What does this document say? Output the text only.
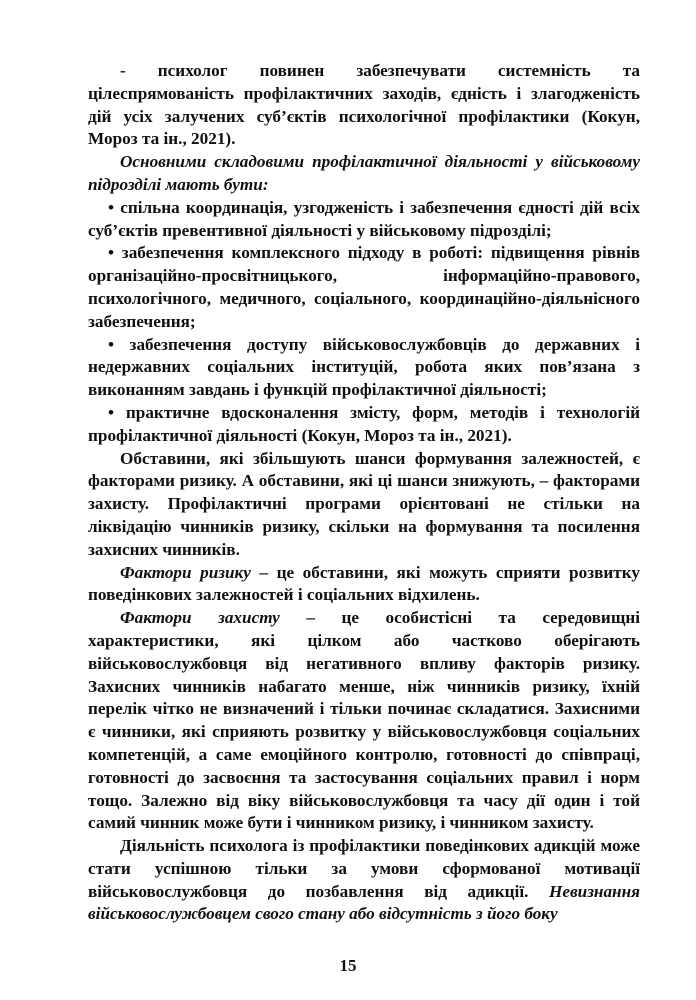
- психолог повинен забезпечувати системність та цілеспрямованість профілактичних заходів, єдність і злагодженість дій усіх залучених суб’єктів психологічної профілактики (Кокун, Мороз та ін., 2021).

Основними складовими профілактичної діяльності у військовому підрозділі мають бути:

• спільна координація, узгодженість і забезпечення єдності дій всіх суб’єктів превентивної діяльності у військовому підрозділі;

• забезпечення комплексного підходу в роботі: підвищення рівнів організаційно-просвітницького, інформаційно-правового, психологічного, медичного, соціального, координаційно-діяльнісного забезпечення;

• забезпечення доступу військовослужбовців до державних і недержавних соціальних інституцій, робота яких пов’язана з виконанням завдань і функцій профілактичної діяльності;

• практичне вдосконалення змісту, форм, методів і технологій профілактичної діяльності (Кокун, Мороз та ін., 2021).

Обставини, які збільшують шанси формування залежностей, є факторами ризику. А обставини, які ці шанси знижують, – факторами захисту. Профілактичні програми орієнтовані не стільки на ліквідацію чинників ризику, скільки на формування та посилення захисних чинників.

Фактори ризику – це обставини, які можуть сприяти розвитку поведінкових залежностей і соціальних відхилень.

Фактори захисту – це особистісні та середовищні характеристики, які цілком або частково оберігають військовослужбовця від негативного впливу факторів ризику. Захисних чинників набагато менше, ніж чинників ризику, їхній перелік чітко не визначений і тільки починає складатися. Захисними є чинники, які сприяють розвитку у військовослужбовця соціальних компетенцій, а саме емоційного контролю, готовності до співпраці, готовності до засвоєння та застосування соціальних правил і норм тощо. Залежно від віку військовослужбовця та часу дії один і той самий чинник може бути і чинником ризику, і чинником захисту.

Діяльність психолога із профілактики поведінкових адикцій може стати успішною тільки за умови сформованої мотивації військовослужбовця до позбавлення від адикції. Невизнання військовослужбовцем свого стану або відсутність з його боку

15
